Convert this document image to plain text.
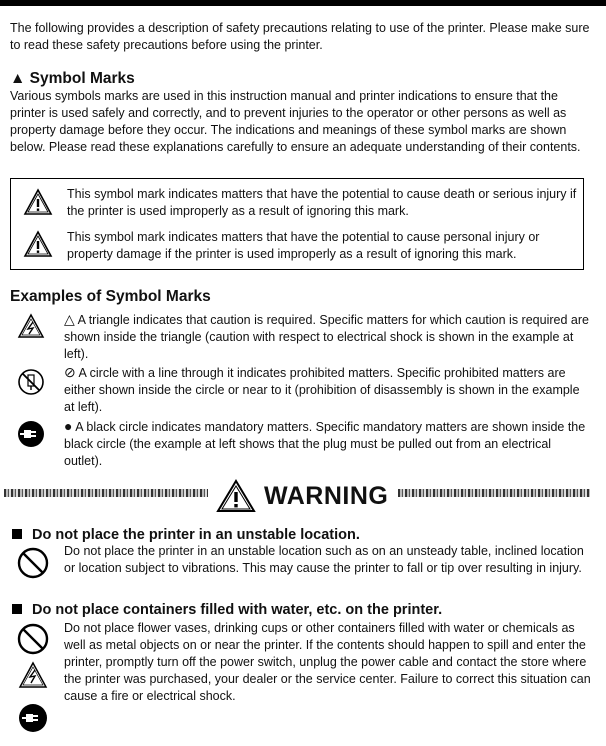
The following provides a description of safety precautions relating to use of the printer. Please make sure to read these safety precautions before using the printer.

▲ Symbol Marks

Various symbols marks are used in this instruction manual and printer indications to ensure that the printer is used safely and correctly, and to prevent injuries to the operator or other persons as well as property damage before they occur. The indications and meanings of these symbol marks are shown below. Please read these explanations carefully to ensure an adequate understanding of their contents.

This symbol mark indicates matters that have the potential to cause death or serious injury if the printer is used improperly as a result of ignoring this mark.

This symbol mark indicates matters that have the potential to cause personal injury or property damage if the printer is used improperly as a result of ignoring this mark.

Examples of Symbol Marks

△ A triangle indicates that caution is required. Specific matters for which caution is required are shown inside the triangle (caution with respect to electrical shock is shown in the example at left).

⊘ A circle with a line through it indicates prohibited matters. Specific prohibited matters are either shown inside the circle or near to it (prohibition of disassembly is shown in the example at left).

● A black circle indicates mandatory matters. Specific mandatory matters are shown inside the black circle (the example at left shows that the plug must be pulled out from an electrical outlet).

WARNING

Do not place the printer in an unstable location.

Do not place the printer in an unstable location such as on an unsteady table, inclined location or location subject to vibrations. This may cause the printer to fall or tip over resulting in injury.

Do not place containers filled with water, etc. on the printer.

Do not place flower vases, drinking cups or other containers filled with water or chemicals as well as metal objects on or near the printer. If the contents should happen to spill and enter the printer, promptly turn off the power switch, unplug the power cable and contact the store where the printer was purchased, your dealer or the service center. Failure to correct this situation can cause a fire or electrical shock.
